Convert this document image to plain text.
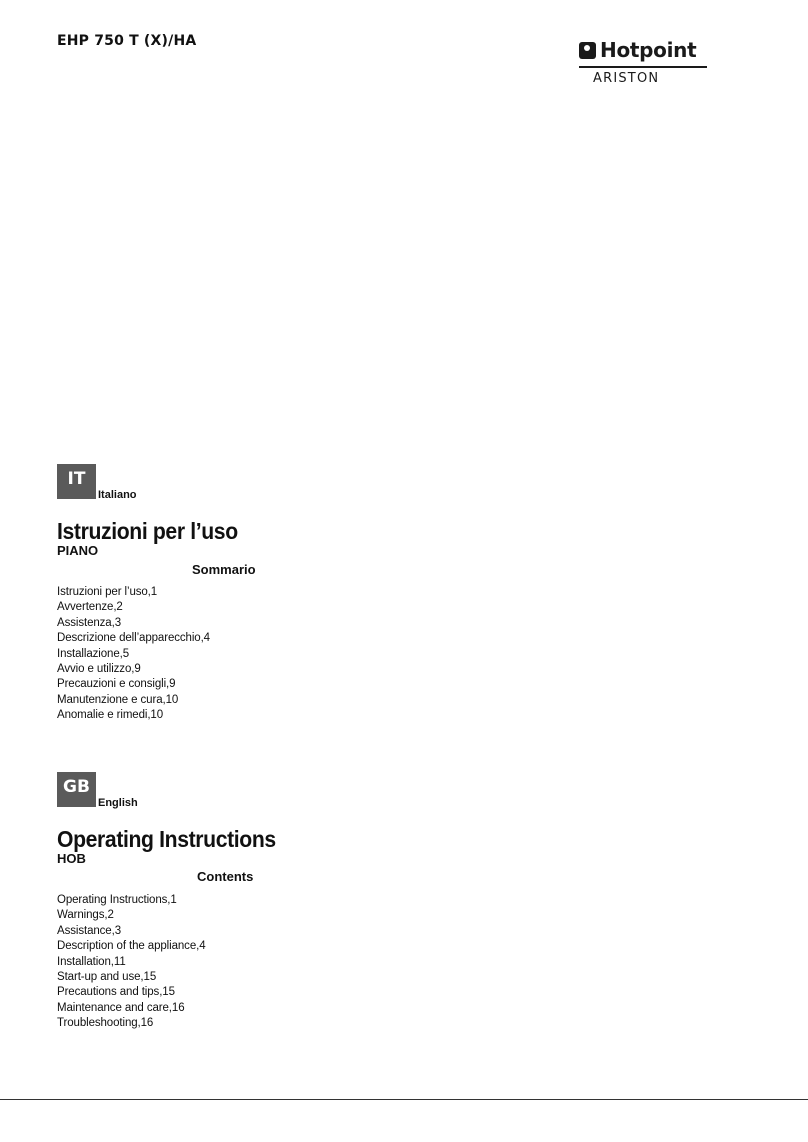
EHP 750 T (X)/HA	Hotpoint
ARISTON
IT
Italiano
Istruzioni per l’uso
PIANO
Sommario
Istruzioni per l’uso,1
Avvertenze,2
Assistenza,3
Descrizione dell’apparecchio,4
Installazione,5
Avvio e utilizzo,9
Precauzioni e consigli,9
Manutenzione e cura,10
Anomalie e rimedi,10
GB
English
Operating Instructions
HOB
Contents
Operating Instructions,1
Warnings,2
Assistance,3
Description of the appliance,4
Installation,11
Start-up and use,15
Precautions and tips,15
Maintenance and care,16
Troubleshooting,16
